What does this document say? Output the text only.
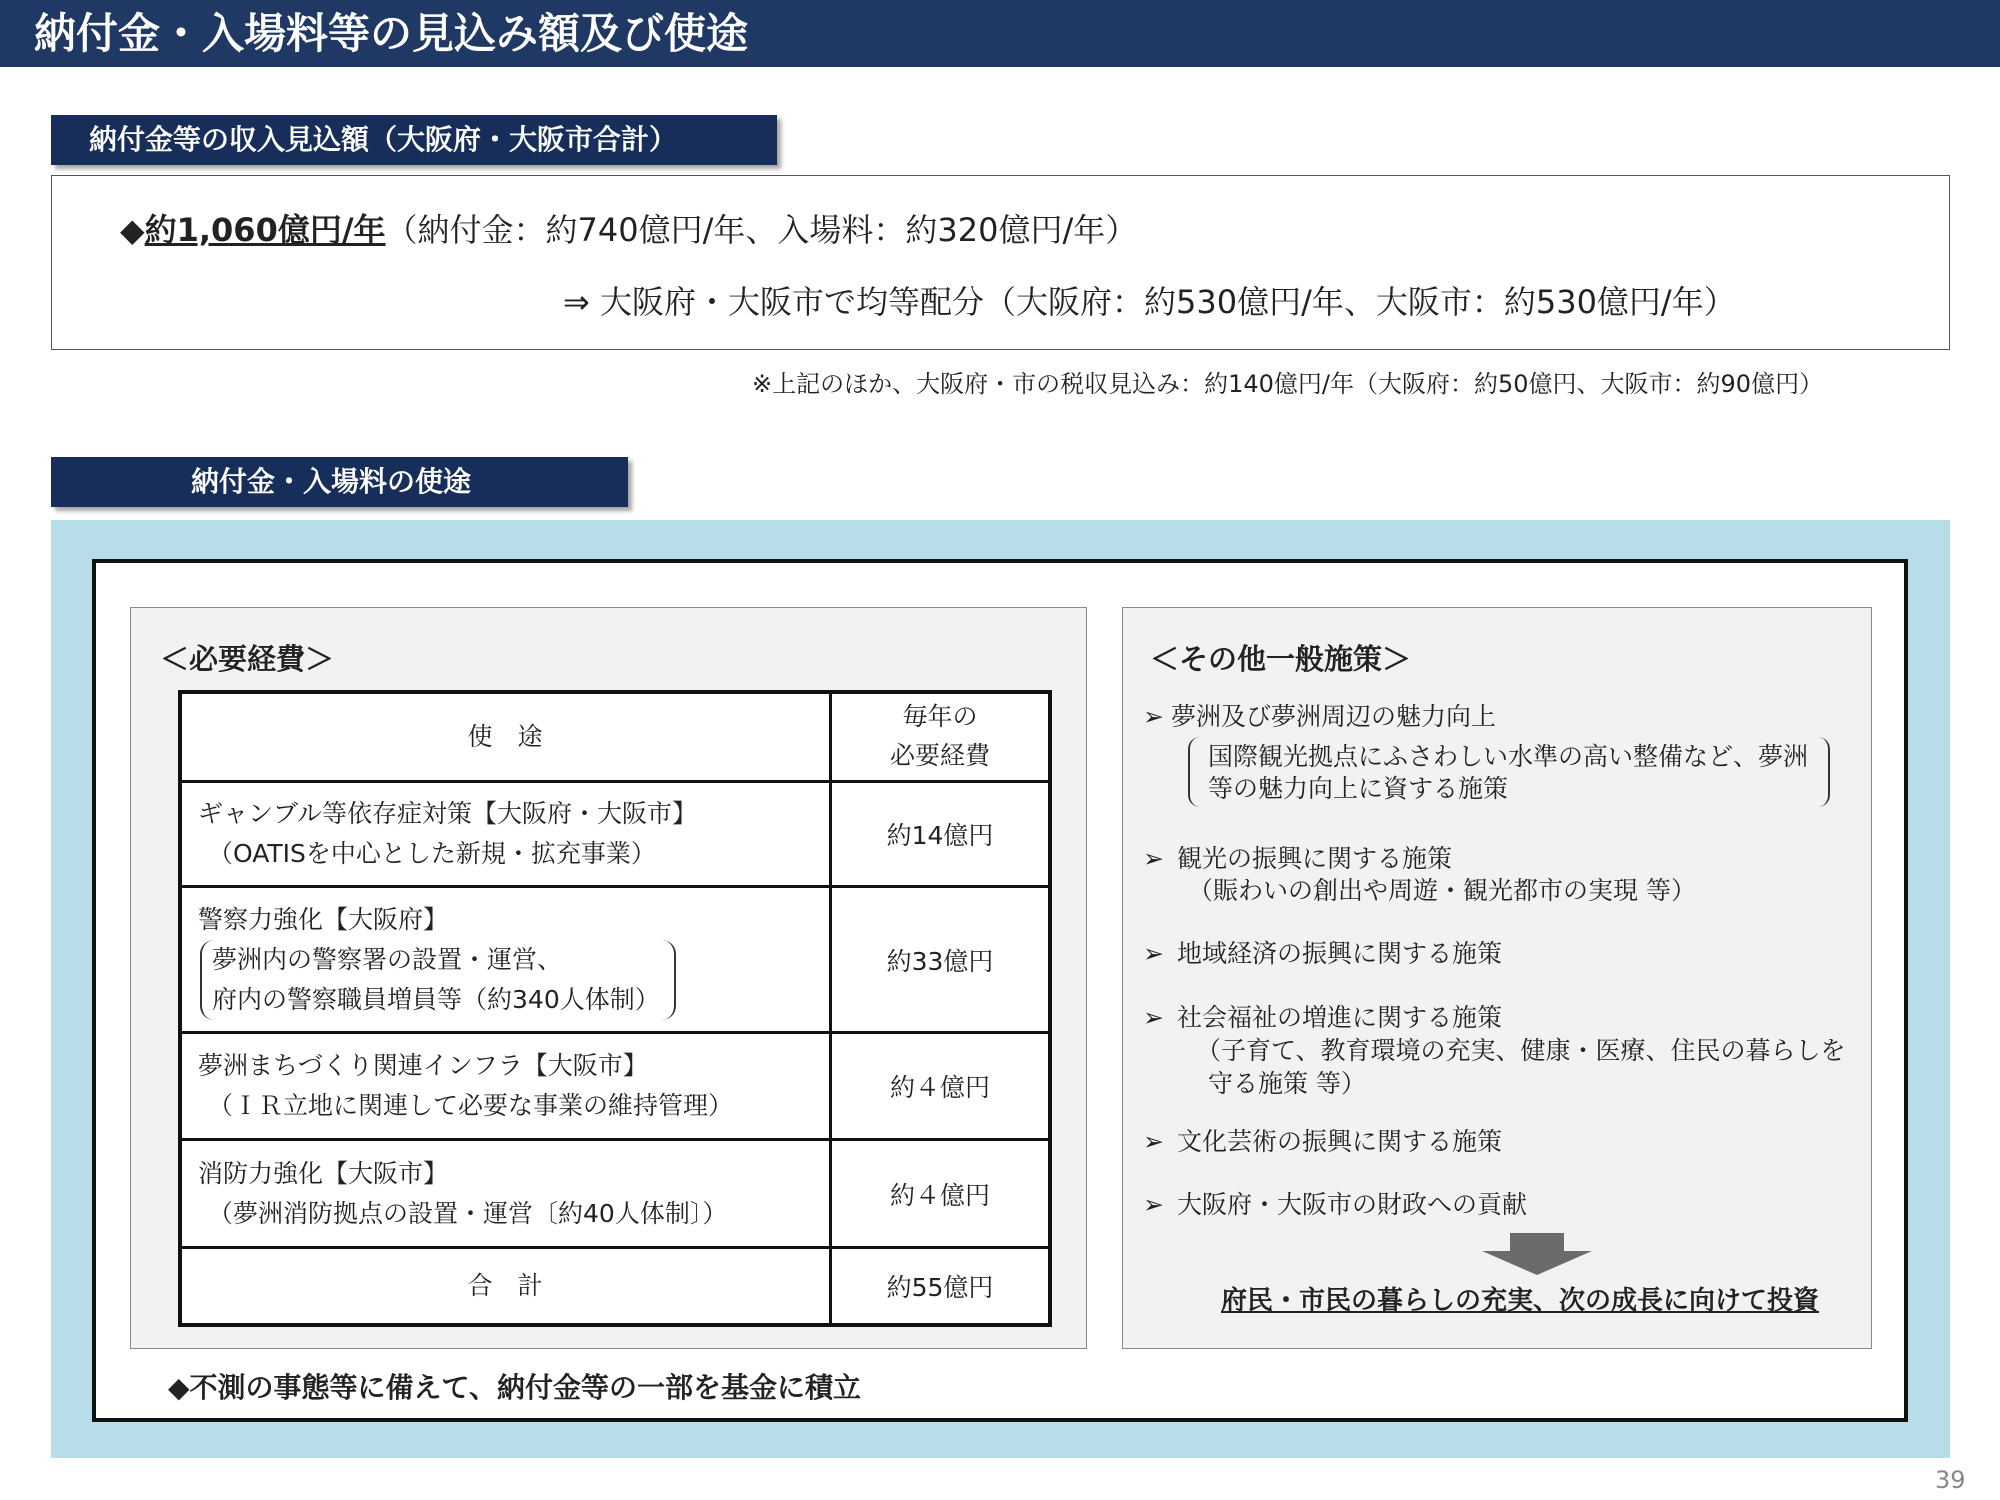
納付金・入場料等の見込み額及び使途
納付金等の収入見込額（大阪府・大阪市合計）
◆約1,060億円/年（納付金：約740億円/年、入場料：約320億円/年）
⇒ 大阪府・大阪市で均等配分（大阪府：約530億円/年、大阪市：約530億円/年）
※上記のほか、大阪府・市の税収見込み：約140億円/年（大阪府：約50億円、大阪市：約90億円）
納付金・入場料の使途
＜必要経費＞
使　途	毎年の
必要経費

ギャンブル等依存症対策【大阪府・大阪市】
（OATISを中心とした新規・拡充事業）	約14億円

警察力強化【大阪府】
夢洲内の警察署の設置・運営、
府内の警察職員増員等（約340人体制）	約33億円

夢洲まちづくり関連インフラ【大阪市】
（ＩＲ立地に関連して必要な事業の維持管理）	約４億円

消防力強化【大阪市】
（夢洲消防拠点の設置・運営〔約40人体制〕）	約４億円
合　計	約55億円
◆不測の事態等に備えて、納付金等の一部を基金に積立
＜その他一般施策＞
➢ 夢洲及び夢洲周辺の魅力向上
国際観光拠点にふさわしい水準の高い整備など、夢洲
等の魅力向上に資する施策
➢ 観光の振興に関する施策
（賑わいの創出や周遊・観光都市の実現 等）
➢ 地域経済の振興に関する施策
➢ 社会福祉の増進に関する施策
（子育て、教育環境の充実、健康・医療、住民の暮らしを
守る施策 等）
➢ 文化芸術の振興に関する施策
➢ 大阪府・大阪市の財政への貢献
府民・市民の暮らしの充実、次の成長に向けて投資
39
